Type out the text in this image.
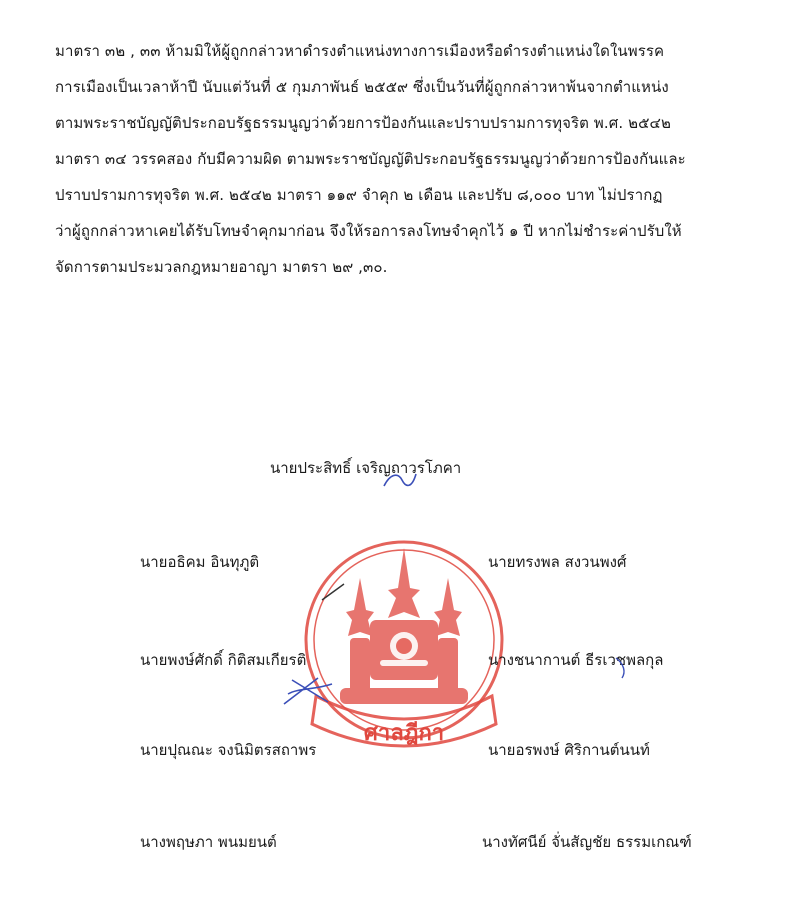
มาตรา ๓๒ , ๓๓ ห้ามมิให้ผู้ถูกกล่าวหาดำรงตำแหน่งทางการเมืองหรือดำรงตำแหน่งใดในพรรค
การเมืองเป็นเวลาห้าปี นับแต่วันที่ ๕ กุมภาพันธ์ ๒๕๕๙ ซึ่งเป็นวันที่ผู้ถูกกล่าวหาพ้นจากตำแหน่ง
ตามพระราชบัญญัติประกอบรัฐธรรมนูญว่าด้วยการป้องกันและปราบปรามการทุจริต พ.ศ. ๒๕๔๒
มาตรา ๓๔ วรรคสอง กับมีความผิด ตามพระราชบัญญัติประกอบรัฐธรรมนูญว่าด้วยการป้องกันและ
ปราบปรามการทุจริต พ.ศ. ๒๕๔๒ มาตรา ๑๑๙ จำคุก ๒ เดือน และปรับ ๘,๐๐๐ บาท ไม่ปรากฏ
ว่าผู้ถูกกล่าวหาเคยได้รับโทษจำคุกมาก่อน จึงให้รอการลงโทษจำคุกไว้ ๑ ปี หากไม่ชำระค่าปรับให้
จัดการตามประมวลกฎหมายอาญา มาตรา ๒๙ ,๓๐.
ศาลฎีกา
นายประสิทธิ์ เจริญถาวรโภคา
นายอธิคม อินทุภูติ	นายทรงพล สงวนพงศ์
นายพงษ์ศักดิ์ กิติสมเกียรติ	นางชนากานต์ ธีรเวชพลกุล
นายปุณณะ จงนิมิตรสถาพร	นายอรพงษ์ ศิริกานต์นนท์
นางพฤษภา พนมยนต์	นางทัศนีย์ จั่นสัญชัย ธรรมเกณฑ์
